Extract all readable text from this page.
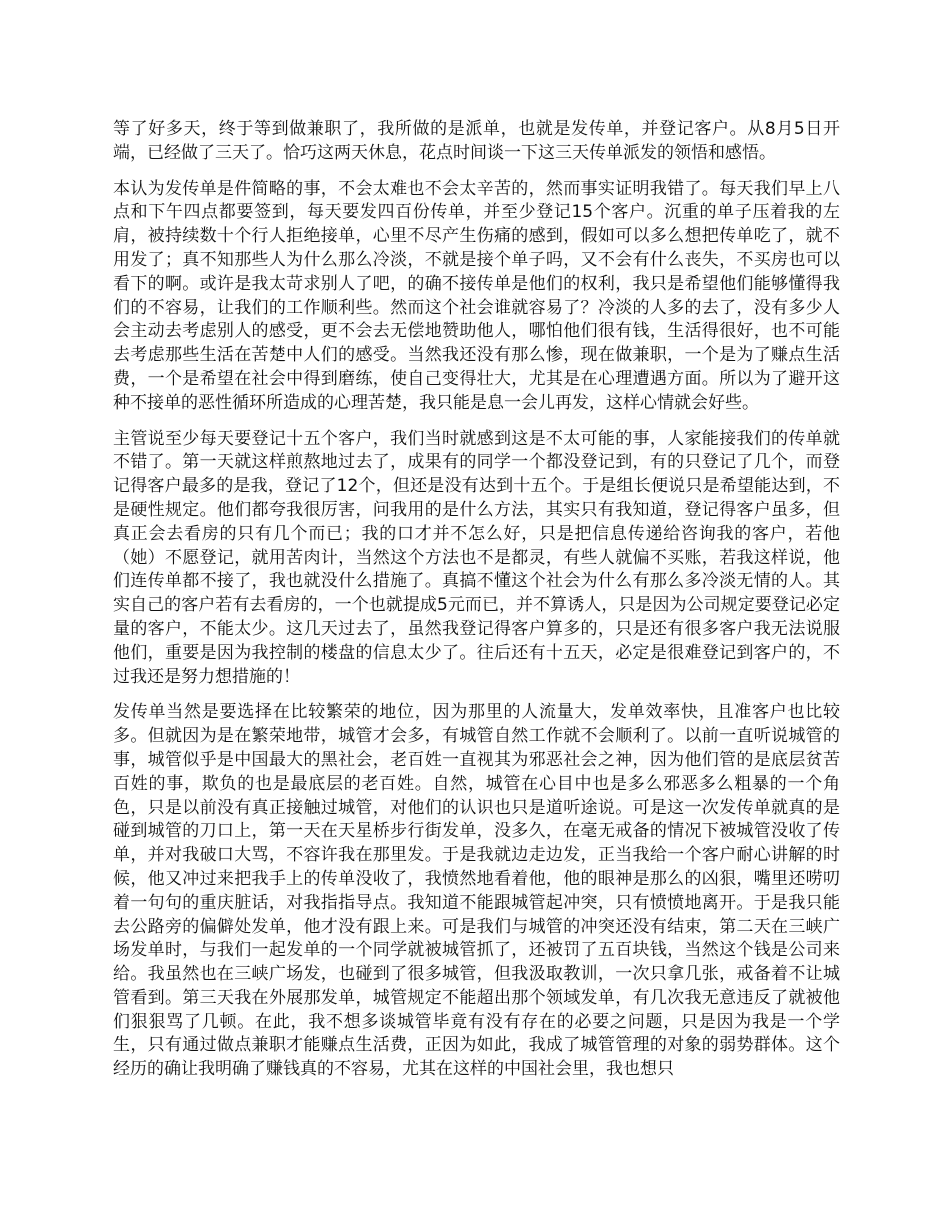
等了好多天，终于等到做兼职了，我所做的是派单，也就是发传单，并登记客户。从8月5日开端，已经做了三天了。恰巧这两天休息，花点时间谈一下这三天传单派发的领悟和感悟。

本认为发传单是件简略的事，不会太难也不会太辛苦的，然而事实证明我错了。每天我们早上八点和下午四点都要签到，每天要发四百份传单，并至少登记15个客户。沉重的单子压着我的左肩，被持续数十个行人拒绝接单，心里不尽产生伤痛的感到，假如可以多么想把传单吃了，就不用发了；真不知那些人为什么那么冷淡，不就是接个单子吗，又不会有什么丧失，不买房也可以看下的啊。或许是我太苛求别人了吧，的确不接传单是他们的权利，我只是希望他们能够懂得我们的不容易，让我们的工作顺利些。然而这个社会谁就容易了？冷淡的人多的去了，没有多少人会主动去考虑别人的感受，更不会去无偿地赞助他人，哪怕他们很有钱，生活得很好，也不可能去考虑那些生活在苦楚中人们的感受。当然我还没有那么惨，现在做兼职，一个是为了赚点生活费，一个是希望在社会中得到磨练，使自己变得壮大，尤其是在心理遭遇方面。所以为了避开这种不接单的恶性循环所造成的心理苦楚，我只能是息一会儿再发，这样心情就会好些。

主管说至少每天要登记十五个客户，我们当时就感到这是不太可能的事，人家能接我们的传单就不错了。第一天就这样煎熬地过去了，成果有的同学一个都没登记到，有的只登记了几个，而登记得客户最多的是我，登记了12个，但还是没有达到十五个。于是组长便说只是希望能达到，不是硬性规定。他们都夸我很厉害，问我用的是什么方法，其实只有我知道，登记得客户虽多，但真正会去看房的只有几个而已；我的口才并不怎么好，只是把信息传递给咨询我的客户，若他（她）不愿登记，就用苦肉计，当然这个方法也不是都灵，有些人就偏不买账，若我这样说，他们连传单都不接了，我也就没什么措施了。真搞不懂这个社会为什么有那么多冷淡无情的人。其实自己的客户若有去看房的，一个也就提成5元而已，并不算诱人，只是因为公司规定要登记必定量的客户，不能太少。这几天过去了，虽然我登记得客户算多的，只是还有很多客户我无法说服他们，重要是因为我控制的楼盘的信息太少了。往后还有十五天，必定是很难登记到客户的，不过我还是努力想措施的！

发传单当然是要选择在比较繁荣的地位，因为那里的人流量大，发单效率快，且准客户也比较多。但就因为是在繁荣地带，城管才会多，有城管自然工作就不会顺利了。以前一直听说城管的事，城管似乎是中国最大的黑社会，老百姓一直视其为邪恶社会之神，因为他们管的是底层贫苦百姓的事，欺负的也是最底层的老百姓。自然，城管在心目中也是多么邪恶多么粗暴的一个角色，只是以前没有真正接触过城管，对他们的认识也只是道听途说。可是这一次发传单就真的是碰到城管的刀口上，第一天在天星桥步行街发单，没多久，在毫无戒备的情况下被城管没收了传单，并对我破口大骂，不容许我在那里发。于是我就边走边发，正当我给一个客户耐心讲解的时候，他又冲过来把我手上的传单没收了，我愤然地看着他，他的眼神是那么的凶狠，嘴里还唠叨着一句句的重庆脏话，对我指指导点。我知道不能跟城管起冲突，只有愤愤地离开。于是我只能去公路旁的偏僻处发单，他才没有跟上来。可是我们与城管的冲突还没有结束，第二天在三峡广场发单时，与我们一起发单的一个同学就被城管抓了，还被罚了五百块钱，当然这个钱是公司来给。我虽然也在三峡广场发，也碰到了很多城管，但我汲取教训，一次只拿几张，戒备着不让城管看到。第三天我在外展那发单，城管规定不能超出那个领域发单，有几次我无意违反了就被他们狠狠骂了几顿。在此，我不想多谈城管毕竟有没有存在的必要之问题，只是因为我是一个学生，只有通过做点兼职才能赚点生活费，正因为如此，我成了城管管理的对象的弱势群体。这个经历的确让我明确了赚钱真的不容易，尤其在这样的中国社会里，我也想只
